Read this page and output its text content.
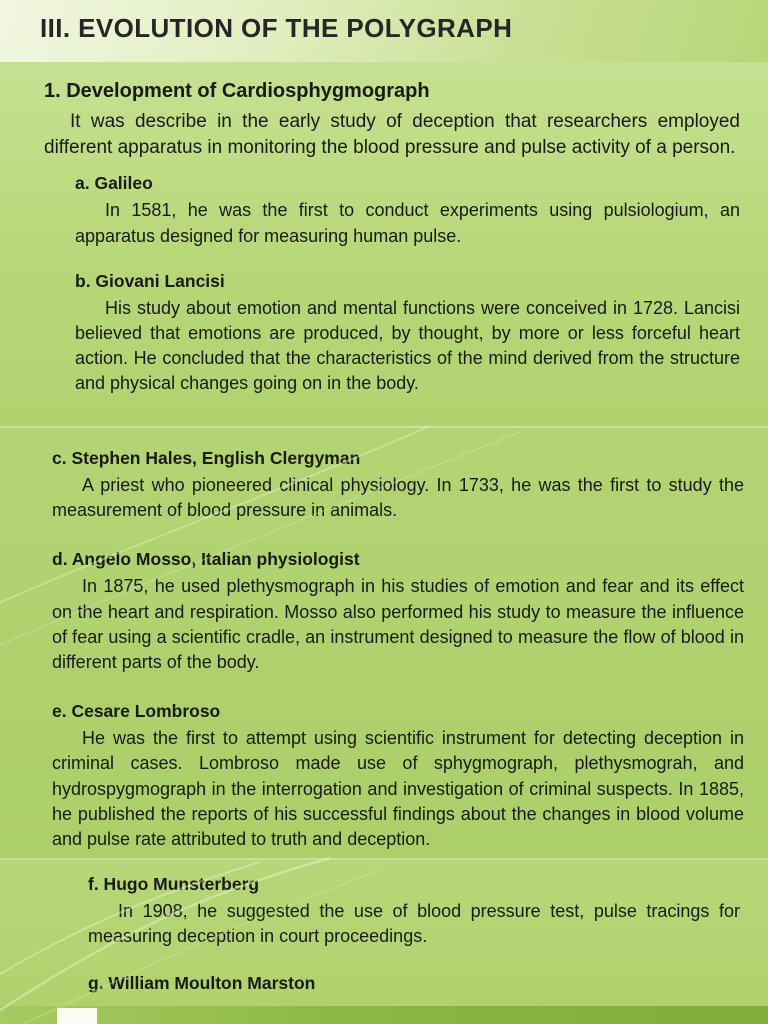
III. EVOLUTION OF THE POLYGRAPH
1. Development of Cardiosphygmograph

It was describe in the early study of deception that researchers employed different apparatus in monitoring the blood pressure and pulse activity of a person.

a. Galileo

In 1581, he was the first to conduct experiments using pulsiologium, an apparatus designed for measuring human pulse.

b. Giovani Lancisi

His study about emotion and mental functions were conceived in 1728. Lancisi believed that emotions are produced, by thought, by more or less forceful heart action. He concluded that the characteristics of the mind derived from the structure and physical changes going on in the body.

c. Stephen Hales, English Clergyman

A priest who pioneered clinical physiology. In 1733, he was the first to study the measurement of blood pressure in animals.

d. Angelo Mosso, Italian physiologist

In 1875, he used plethysmograph in his studies of emotion and fear and its effect on the heart and respiration. Mosso also performed his study to measure the influence of fear using a scientific cradle, an instrument designed to measure the flow of blood in different parts of the body.

e. Cesare Lombroso

He was the first to attempt using scientific instrument for detecting deception in criminal cases. Lombroso made use of sphygmograph, plethysmograh, and hydrospygmograph in the interrogation and investigation of criminal suspects. In 1885, he published the reports of his successful findings about the changes in blood volume and pulse rate attributed to truth and deception.

f. Hugo Munsterberg

In 1908, he suggested the use of blood pressure test, pulse tracings for measuring deception in court proceedings.

g. William Moulton Marston
